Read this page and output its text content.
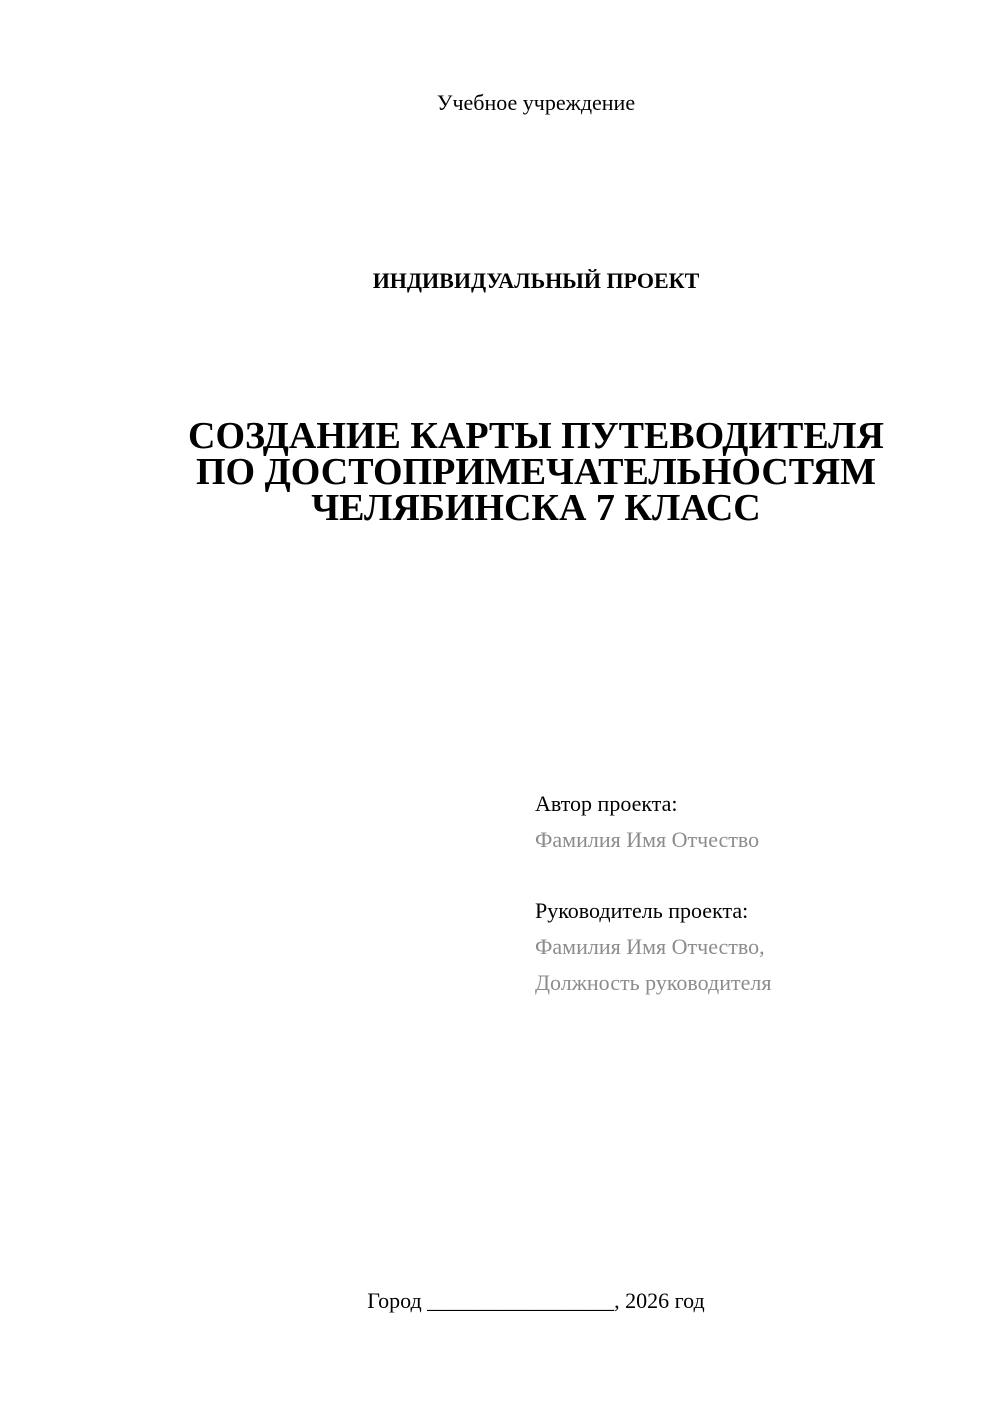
Учебное учреждение
ИНДИВИДУАЛЬНЫЙ ПРОЕКТ
СОЗДАНИЕ КАРТЫ ПУТЕВОДИТЕЛЯ
ПО ДОСТОПРИМЕЧАТЕЛЬНОСТЯМ
ЧЕЛЯБИНСКА 7 КЛАСС
Автор проекта:
Фамилия Имя Отчество
Руководитель проекта:
Фамилия Имя Отчество,
Должность руководителя
Город _________________, 2026 год
